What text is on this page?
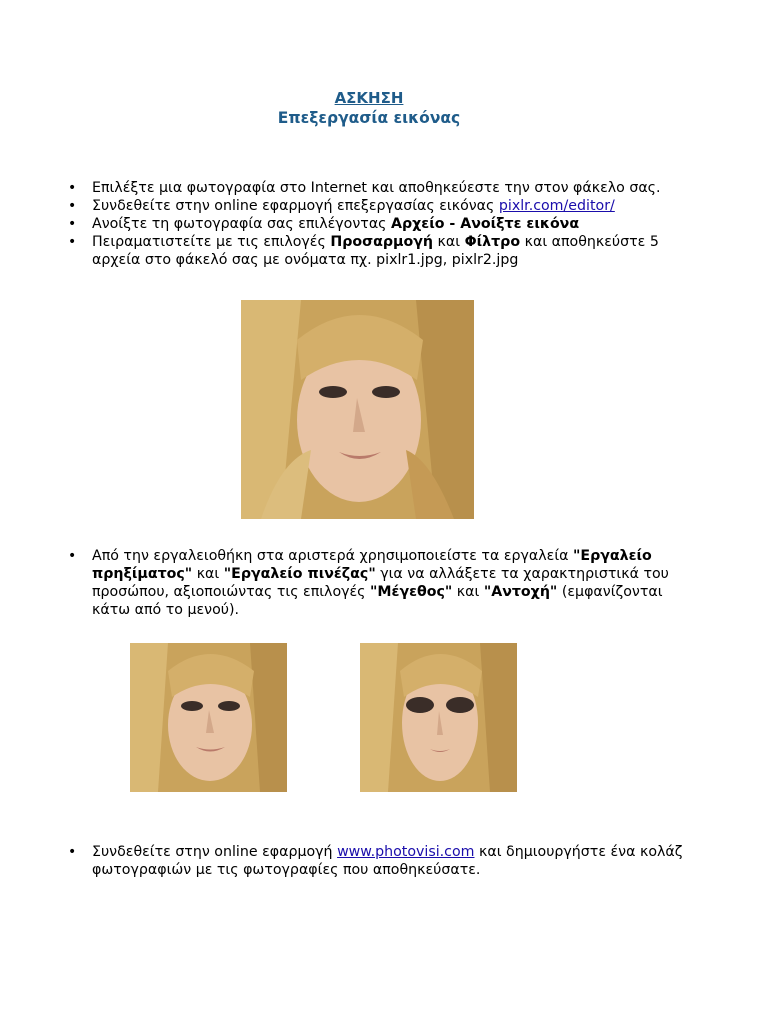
ΑΣΚΗΣΗ
Επεξεργασία εικόνας
• Επιλέξτε μια φωτογραφία στο Internet και αποθηκεύεστε την στον φάκελο σας.
• Συνδεθείτε στην online εφαρμογή επεξεργασίας εικόνας pixlr.com/editor/
• Ανοίξτε τη φωτογραφία σας επιλέγοντας Αρχείο - Ανοίξτε εικόνα
• Πειραματιστείτε με τις επιλογές Προσαρμογή και Φίλτρο και αποθηκεύστε 5 αρχεία στο φάκελό σας με ονόματα πχ. pixlr1.jpg, pixlr2.jpg
• Από την εργαλειοθήκη στα αριστερά χρησιμοποιείστε τα εργαλεία "Εργαλείο πρηξίματος" και "Εργαλείο πινέζας" για να αλλάξετε τα χαρακτηριστικά του προσώπου, αξιοποιώντας τις επιλογές "Μέγεθος" και "Αντοχή" (εμφανίζονται κάτω από το μενού).
• Συνδεθείτε στην online εφαρμογή www.photovisi.com και δημιουργήστε ένα κολάζ φωτογραφιών με τις φωτογραφίες που αποθηκεύσατε.
